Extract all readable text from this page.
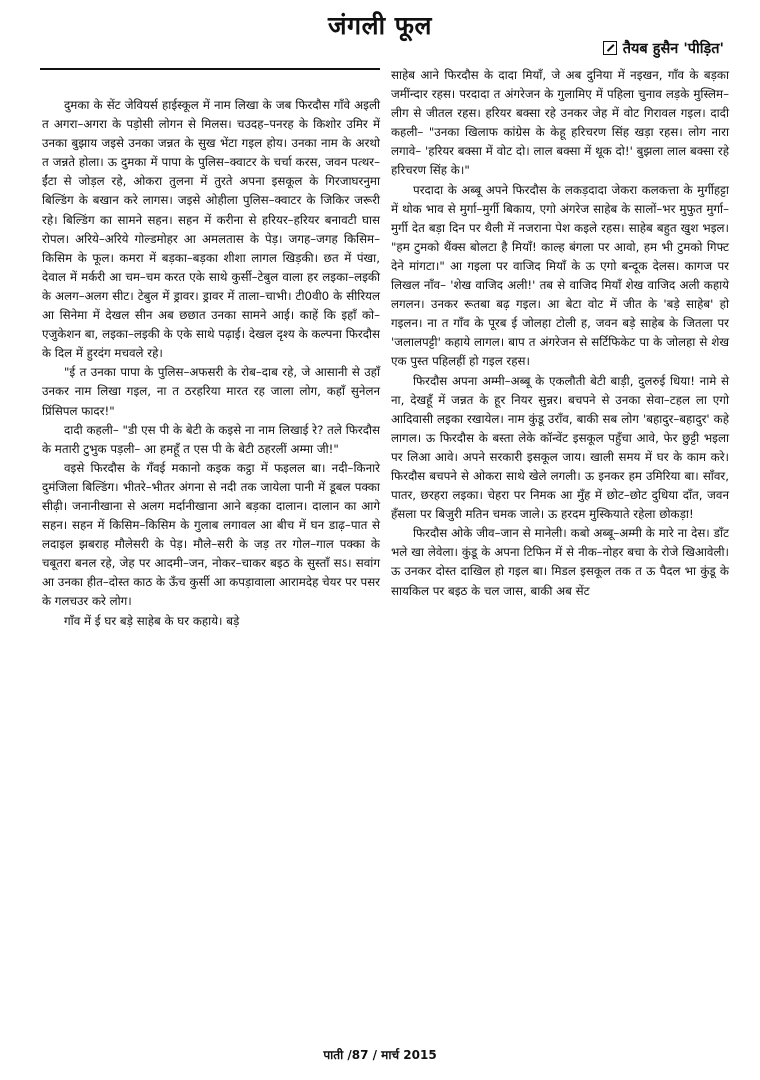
जंगली फूल
तैयब हुसैन 'पीड़ित'

दुमका के सेंट जेवियर्स हाईस्कूल में नाम लिखा के जब फिरदौस गाँवे अइली त अगरा–अगरा के पड़ोसी लोगन से मिलस। चउदह–पनरह के किशोर उमिर में उनका बुझाय जइसे उनका जन्नत के सुख भेंटा गइल होय। उनका नाम के अरथो त जन्नते होला। ऊ दुमका में पापा के पुलिस–क्वाटर के चर्चा करस, जवन पत्थर–ईंटा से जोड़ल रहे, ओकरा तुलना में तुरते अपना इसकूल के गिरजाघरनुमा बिल्डिंग के बखान करे लागस। जइसे ओहीला पुलिस–क्वाटर के जिकिर जरूरी रहे। बिल्डिंग का सामने सहन। सहन में करीना से हरियर–हरियर बनावटी घास रोपल। अरिये–अरिये गोल्डमोहर आ अमलतास के पेड़। जगह–जगह किसिम–किसिम के फूल। कमरा में बड़का–बड़का शीशा लागल खिड़की। छत में पंखा, देवाल में मर्करी आ चम–चम करत एके साथे कुर्सी–टेबुल वाला हर लइका–लइकी के अलग–अलग सीट। टेबुल में ड्रावर। ड्रावर में ताला–चाभी। टी0वी0 के सीरियल आ सिनेमा में देखल सीन अब छछात उनका सामने आई। काहें कि इहाँ को–एजुकेशन बा, लइका–लइकी के एके साथे पढ़ाई। देखल दृश्य के कल्पना फिरदौस के दिल में हुरदंग मचवले रहे।

"ई त उनका पापा के पुलिस–अफसरी के रोब–दाब रहे, जे आसानी से उहाँ उनकर नाम लिखा गइल, ना त ठरहरिया मारत रह जाला लोग, कहाँ सुनेलन प्रिंसिपल फादर!"

दादी कहली– "डी एस पी के बेटी के कइसे ना नाम लिखाई रे? तले फिरदौस के मतारी टुभुक पड़ली– आ हमहूँ त एस पी के बेटी ठहरलीं अम्मा जी!"

वइसे फिरदौस के गँवई मकानो कइक कट्ठा में फइलल बा। नदी–किनारे दुमंजिला बिल्डिंग। भीतरे–भीतर अंगना से नदी तक जायेला पानी में डूबल पक्का सीढ़ी। जनानीखाना से अलग मर्दानीखाना आने बड़का दालान। दालान का आगे सहन। सहन में किसिम–किसिम के गुलाब लगावल आ बीच में घन डाढ़–पात से लदाइल झबराह मौलेसरी के पेड़। मौले–सरी के जड़ तर गोल–गाल पक्का के चबूतरा बनल रहे, जेह पर आदमी–जन, नोकर–चाकर बइठ के सुस्ताँ सऽ। सवांग आ उनका हीत–दोस्त काठ के ऊँच कुर्सी आ कपड़ावाला आरामदेह चेयर पर पसर के गलचउर करे लोग।

गाँव में ई घर बड़े साहेब के घर कहाये। बड़े

साहेब आने फिरदौस के दादा मियाँ, जे अब दुनिया में नइखन, गाँव के बड़का जमींन्दार रहस। परदादा त अंगरेजन के गुलामिए में पहिला चुनाव लड़के मुस्लिम–लीग से जीतल रहस। हरियर बक्सा रहे उनकर जेह में वोट गिरावल गइल। दादी कहली– "उनका खिलाफ कांग्रेस के केहू हरिचरण सिंह खड़ा रहस। लोग नारा लगावे– 'हरियर बक्सा में वोट दो। लाल बक्सा में थूक दो!' बुझला लाल बक्सा रहे हरिचरण सिंह के।"

परदादा के अब्बू अपने फिरदौस के लकड़दादा जेकरा कलकत्ता के मुर्गीहट्टा में थोक भाव से मुर्गा–मुर्गी बिकाय, एगो अंगरेज साहेब के सालों–भर मुफुत मुर्गा–मुर्गी देत बड़ा दिन पर थैली में नजराना पेश कइले रहस। साहेब बहुत खुश भइल। "हम टुमको थैंक्स बोलटा है मियाँ! काल्ह बंगला पर आवो, हम भी टुमको गिफ्ट देने मांगटा।" आ गइला पर वाजिद मियाँ के ऊ एगो बन्दूक देलस। कागज पर लिखल नाँव– 'शेख वाजिद अली!' तब से वाजिद मियाँ शेख वाजिद अली कहाये लगलन। उनकर रूतबा बढ़ गइल। आ बेटा वोट में जीत के 'बड़े साहेब' हो गइलन। ना त गाँव के पूरब ई जोलहा टोली ह, जवन बड़े साहेब के जितला पर 'जलालपट्टी' कहाये लागल। बाप त अंगरेजन से सर्टिफिकेट पा के जोलहा से शेख एक पुस्त पहिलहीं हो गइल रहस।

फिरदौस अपना अम्मी–अब्बू के एकलौती बेटी बाड़ी, दुलरुई धिया! नामे से ना, देखहूँ में जन्नत के हूर नियर सुन्नर। बचपने से उनका सेवा–टहल ला एगो आदिवासी लइका रखायेल। नाम कुंडू उराँव, बाकी सब लोग 'बहादुर–बहादुर' कहे लागल। ऊ फिरदौस के बस्ता लेके कॉन्वेंट इसकूल पहुँचा आवे, फेर छुट्टी भइला पर लिआ आवे। अपने सरकारी इसकूल जाय। खाली समय में घर के काम करे। फिरदौस बचपने से ओकरा साथे खेले लगली। ऊ इनकर हम उमिरिया बा। साँवर, पातर, छरहरा लइका। चेहरा पर निमक आ मुँह में छोट–छोट दुधिया दाँत, जवन हँसला पर बिजुरी मतिन चमक जाले। ऊ हरदम मुस्कियाते रहेला छोकड़ा!

फिरदौस ओके जीव–जान से मानेली। कबो अब्बू–अम्मी के मारे ना देस। डाँट भले खा लेवेला। कुंडू के अपना टिफिन में से नीक–नोहर बचा के रोजे खिआवेली। ऊ उनकर दोस्त दाखिल हो गइल बा। मिडल इसकूल तक त ऊ पैदल भा कुंडू के सायकिल पर बइठ के चल जास, बाकी अब सेंट

पाती /87 / मार्च 2015
